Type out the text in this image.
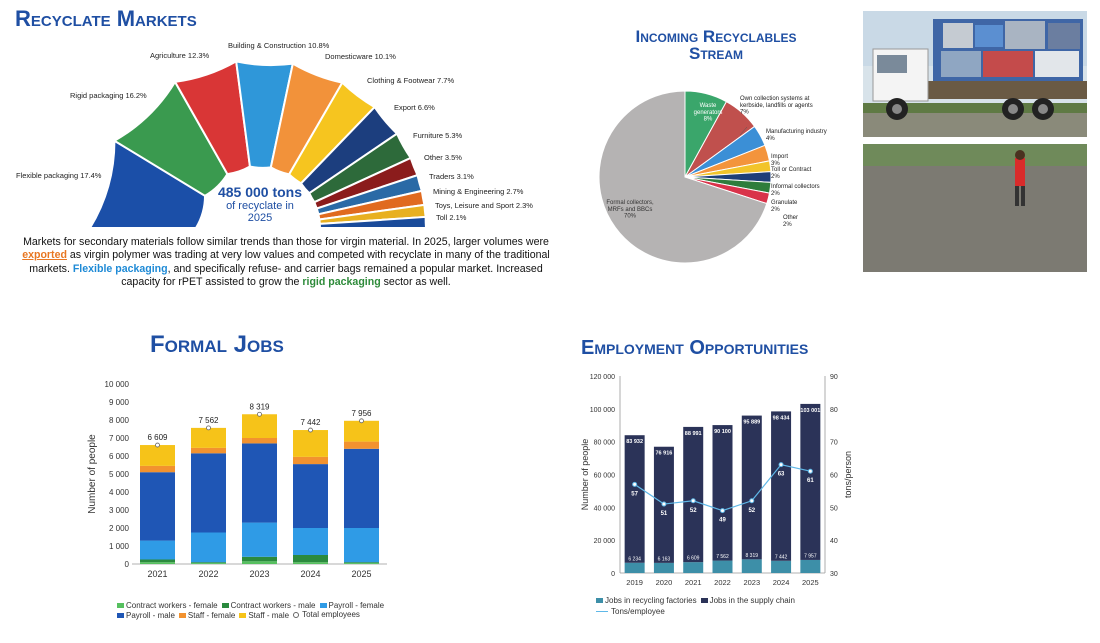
Recyclate Markets
Flexible packaging 17.4%
Rigid packaging 16.2%
Agriculture 12.3%
Building & Construction 10.8%
Domesticware 10.1%
Clothing & Footwear 7.7%
Export 6.6%
Furniture 5.3%
Other 3.5%
Traders 3.1%
Mining & Engineering 2.7%
Toys, Leisure and Sport 2.3%
Toll 2.1%
485 000 tons
of recyclate in
2025
Markets for secondary materials follow similar trends than those for virgin material. In 2025, larger volumes were exported as virgin polymer was trading at very low values and competed with recyclate in many of the traditional markets. Flexible packaging, and specifically refuse- and carrier bags remained a popular market. Increased capacity for rPET assisted to grow the rigid packaging sector as well.
Incoming Recyclables
Stream
Waste generators 8%
Own collection systems at kerbside, landfills or agents 7%
Manufacturing industry 4%
Import 3%
Toll or Contract 2%
Informal collectors 2%
Granulate 2%
Other 2%
Formal collectors, MRFs and BBCs 70%
Formal Jobs
0
1 000
2 000
3 000
4 000
5 000
6 000
7 000
8 000
9 000
10 000
Number of people
2021
6 609
2022
7 562
2023
8 319
2024
7 442
2025
7 956
Contract workers - female Contract workers - male Payroll - female
Payroll - male Staff - female Staff - male Total employees
Employment Opportunities
0
20 000
40 000
60 000
80 000
100 000
120 000
30
40
50
60
70
80
90
Number of people	tons/person
6 234
83 932
2019
6 163
76 916
2020
6 609
88 991
2021
7 562
90 100
2022
8 319
95 889
2023
7 442
98 434
2024
7 957
103 001
2025
57
51
52
49
52
63
61
Jobs in recycling factories Jobs in the supply chain
Tons/employee
